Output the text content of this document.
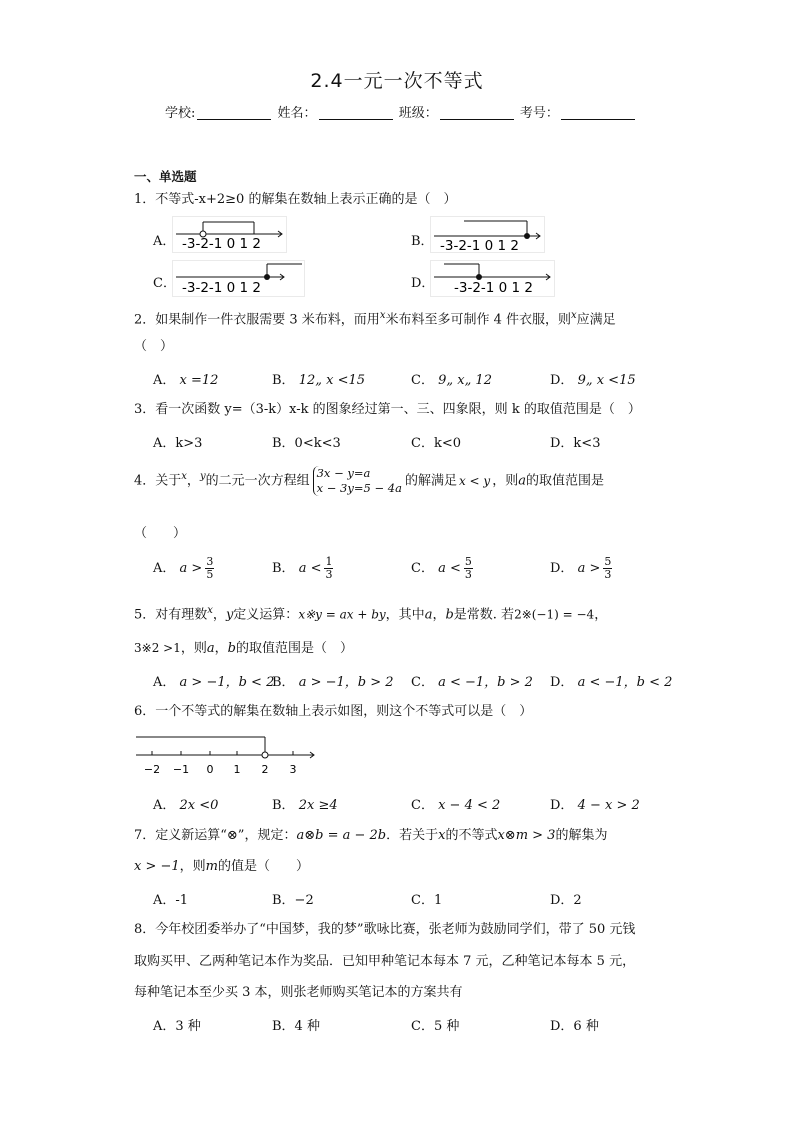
2.4一元一次不等式
学校:	姓名：	班级：	考号：
一、单选题
1．不等式-x+2≥0 的解集在数轴上表示正确的是（　）
A． -3-2-1 0 1 2	B． -3-2-1 0 1 2
C． -3-2-1 0 1 2	D． -3-2-1 0 1 2
2．如果制作一件衣服需要 3 米布料，而用$^x$米布料至多可制作 4 件衣服，则$^x$应满足
（　）
A． x =12	B． 12„ x <15	C． 9„ x„ 12	D． 9„ x <15
3．看一次函数 y=（3-k）x-k 的图象经过第一、三、四象限，则 k 的取值范围是（　）
A．k>3	B．0<k<3	C．k<0	D．k<3
4．关于$^x$，$^y$的二元一次方程组
3x − y=a
x − 3y=5 − 4a 的解满足 x < y ，则a的取值范围是
（　　）
A． $a > \frac{3}{5}$	B． $a < \frac{1}{3}$	C． $a < \frac{5}{3}$	D． $a > \frac{5}{3}$
5．对有理数$^x$，y定义运算：x※y = ax + by，其中a，b是常数. 若2※(−1) = −4，
3※2 >1，则a，b的取值范围是（　）
A． a > −1，b < 2
B． a > −1，b > 2 C． a < −1，b > 2 D． a < −1，b < 2
6．一个不等式的解集在数轴上表示如图，则这个不等式可以是（　）
−2 −1 0 1 2 3
A． 2x <0	B． 2x ≥4	C． x − 4 < 2	D． 4 − x > 2
7．定义新运算“⊗”，规定：a⊗b = a − 2b．若关于x的不等式x⊗m > 3的解集为
x > −1，则m的值是（　　）
A．-1	B．−2	C．1	D．2
8．今年校团委举办了“中国梦，我的梦”歌咏比赛，张老师为鼓励同学们，带了 50 元钱
取购买甲、乙两种笔记本作为奖品．已知甲种笔记本每本 7 元，乙种笔记本每本 5 元，
每种笔记本至少买 3 本，则张老师购买笔记本的方案共有
A．3 种	B．4 种	C．5 种	D．6 种
